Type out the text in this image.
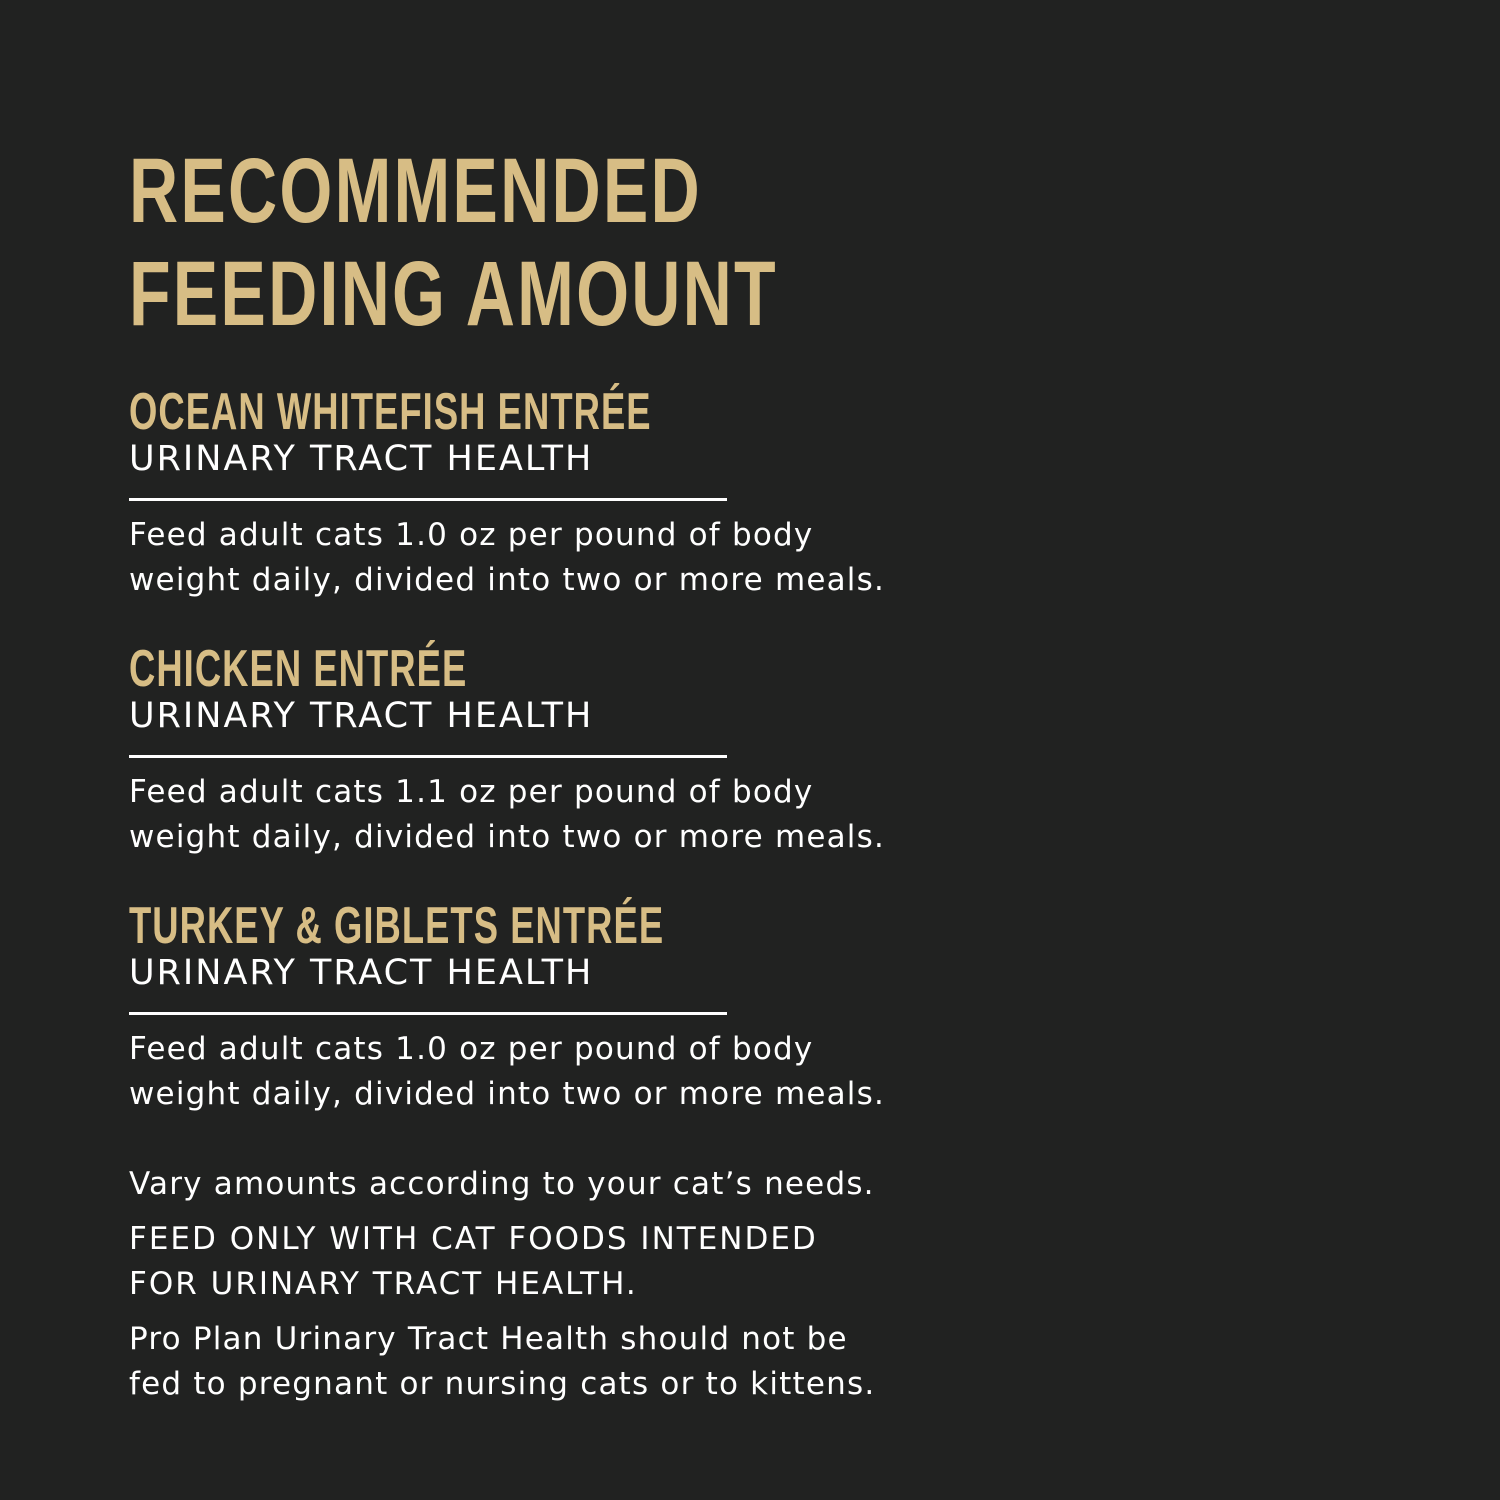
RECOMMENDED
FEEDING AMOUNT
OCEAN WHITEFISH ENTRÉE
URINARY TRACT HEALTH
Feed adult cats 1.0 oz per pound of body
weight daily, divided into two or more meals.
CHICKEN ENTRÉE
URINARY TRACT HEALTH
Feed adult cats 1.1 oz per pound of body
weight daily, divided into two or more meals.
TURKEY & GIBLETS ENTRÉE
URINARY TRACT HEALTH
Feed adult cats 1.0 oz per pound of body
weight daily, divided into two or more meals.
Vary amounts according to your cat’s needs.
FEED ONLY WITH CAT FOODS INTENDED
FOR URINARY TRACT HEALTH.
Pro Plan Urinary Tract Health should not be
fed to pregnant or nursing cats or to kittens.
